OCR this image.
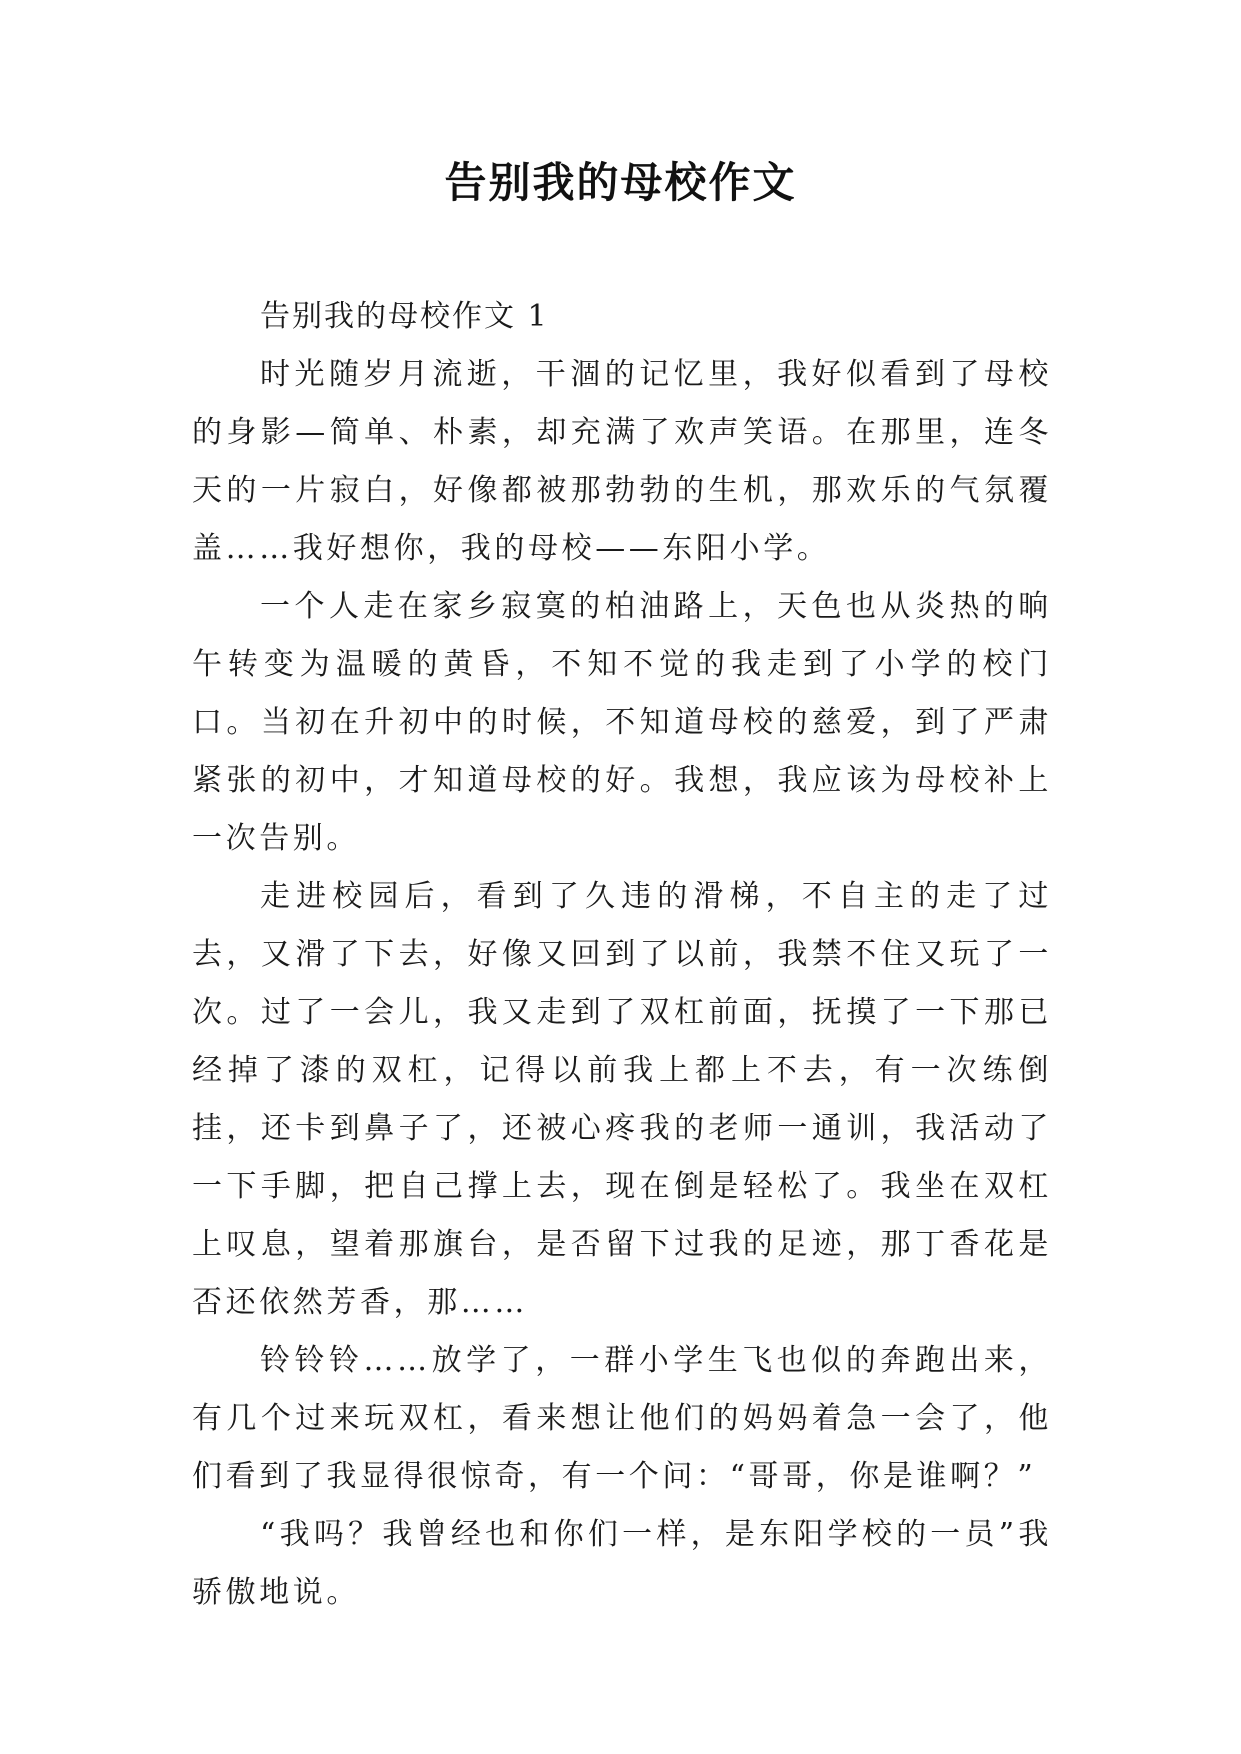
告别我的母校作文

告别我的母校作文 1

时光随岁月流逝，干涸的记忆里，我好似看到了母校的身影—简单、朴素，却充满了欢声笑语。在那里，连冬天的一片寂白，好像都被那勃勃的生机，那欢乐的气氛覆盖……我好想你，我的母校——东阳小学。

一个人走在家乡寂寞的柏油路上，天色也从炎热的晌午转变为温暖的黄昏，不知不觉的我走到了小学的校门口。当初在升初中的时候，不知道母校的慈爱，到了严肃紧张的初中，才知道母校的好。我想，我应该为母校补上一次告别。

走进校园后，看到了久违的滑梯，不自主的走了过去，又滑了下去，好像又回到了以前，我禁不住又玩了一次。过了一会儿，我又走到了双杠前面，抚摸了一下那已经掉了漆的双杠，记得以前我上都上不去，有一次练倒挂，还卡到鼻子了，还被心疼我的老师一通训，我活动了一下手脚，把自己撑上去，现在倒是轻松了。我坐在双杠上叹息，望着那旗台，是否留下过我的足迹，那丁香花是否还依然芳香，那……

铃铃铃……放学了，一群小学生飞也似的奔跑出来，有几个过来玩双杠，看来想让他们的妈妈着急一会了，他们看到了我显得很惊奇，有一个问：“哥哥，你是谁啊？”

“我吗？我曾经也和你们一样，是东阳学校的一员”我骄傲地说。
